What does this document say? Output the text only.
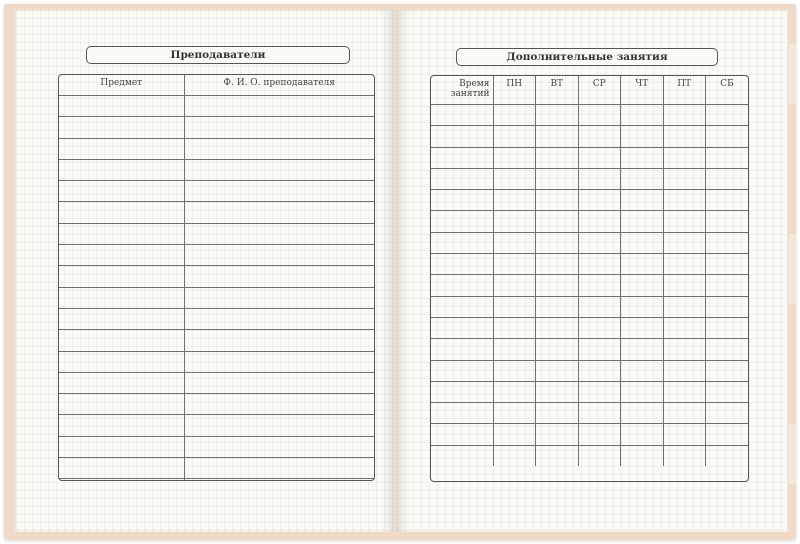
Преподаватели
Предмет	Ф. И. О. преподавателя

Дополнительные занятия
Время
занятий	ПН	ВТ	СР	ЧТ	ПТ	СБ
